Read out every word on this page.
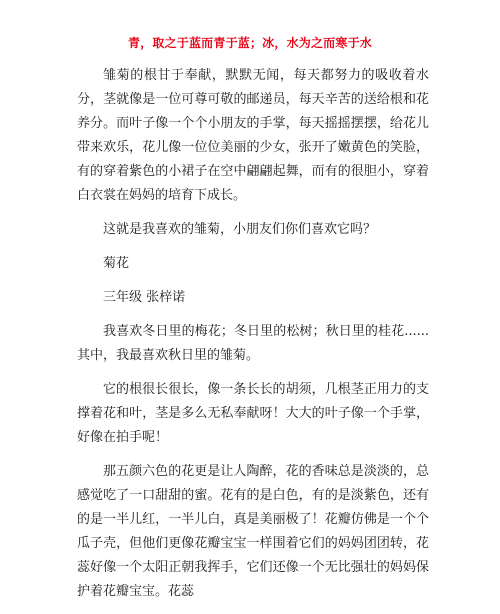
青，取之于蓝而青于蓝；冰，水为之而寒于水

雏菊的根甘于奉献，默默无闻，每天都努力的吸收着水分，茎就像是一位可尊可敬的邮递员，每天辛苦的送给根和花养分。而叶子像一个个小朋友的手掌，每天摇摇摆摆，给花儿 带来欢乐，花儿像一位位美丽的少女，张开了嫩黄色的笑脸，有的穿着紫色的小裙子在空中翩翩起舞，而有的很胆小，穿着白衣裳在妈妈的培育下成长。

这就是我喜欢的雏菊，小朋友们你们喜欢它吗？

菊花

三年级 张梓诺

我喜欢冬日里的梅花；冬日里的松树；秋日里的桂花......其中，我最喜欢秋日里的雏菊。

它的根很长很长，像一条长长的胡须，几根茎正用力的支撑着花和叶，茎是多么无私奉献呀！大大的叶子像一个手掌，好像在拍手呢！

那五颜六色的花更是让人陶醉，花的香味总是淡淡的，总感觉吃了一口甜甜的蜜。花有的是白色，有的是淡紫色，还有的是一半儿红，一半儿白，真是美丽极了！花瓣仿佛是一个个瓜子壳，但他们更像花瓣宝宝一样围着它们的妈妈团团转，花蕊好像一个太阳正朝我挥手，它们还像一个无比强壮的妈妈保护着花瓣宝宝。花蕊
